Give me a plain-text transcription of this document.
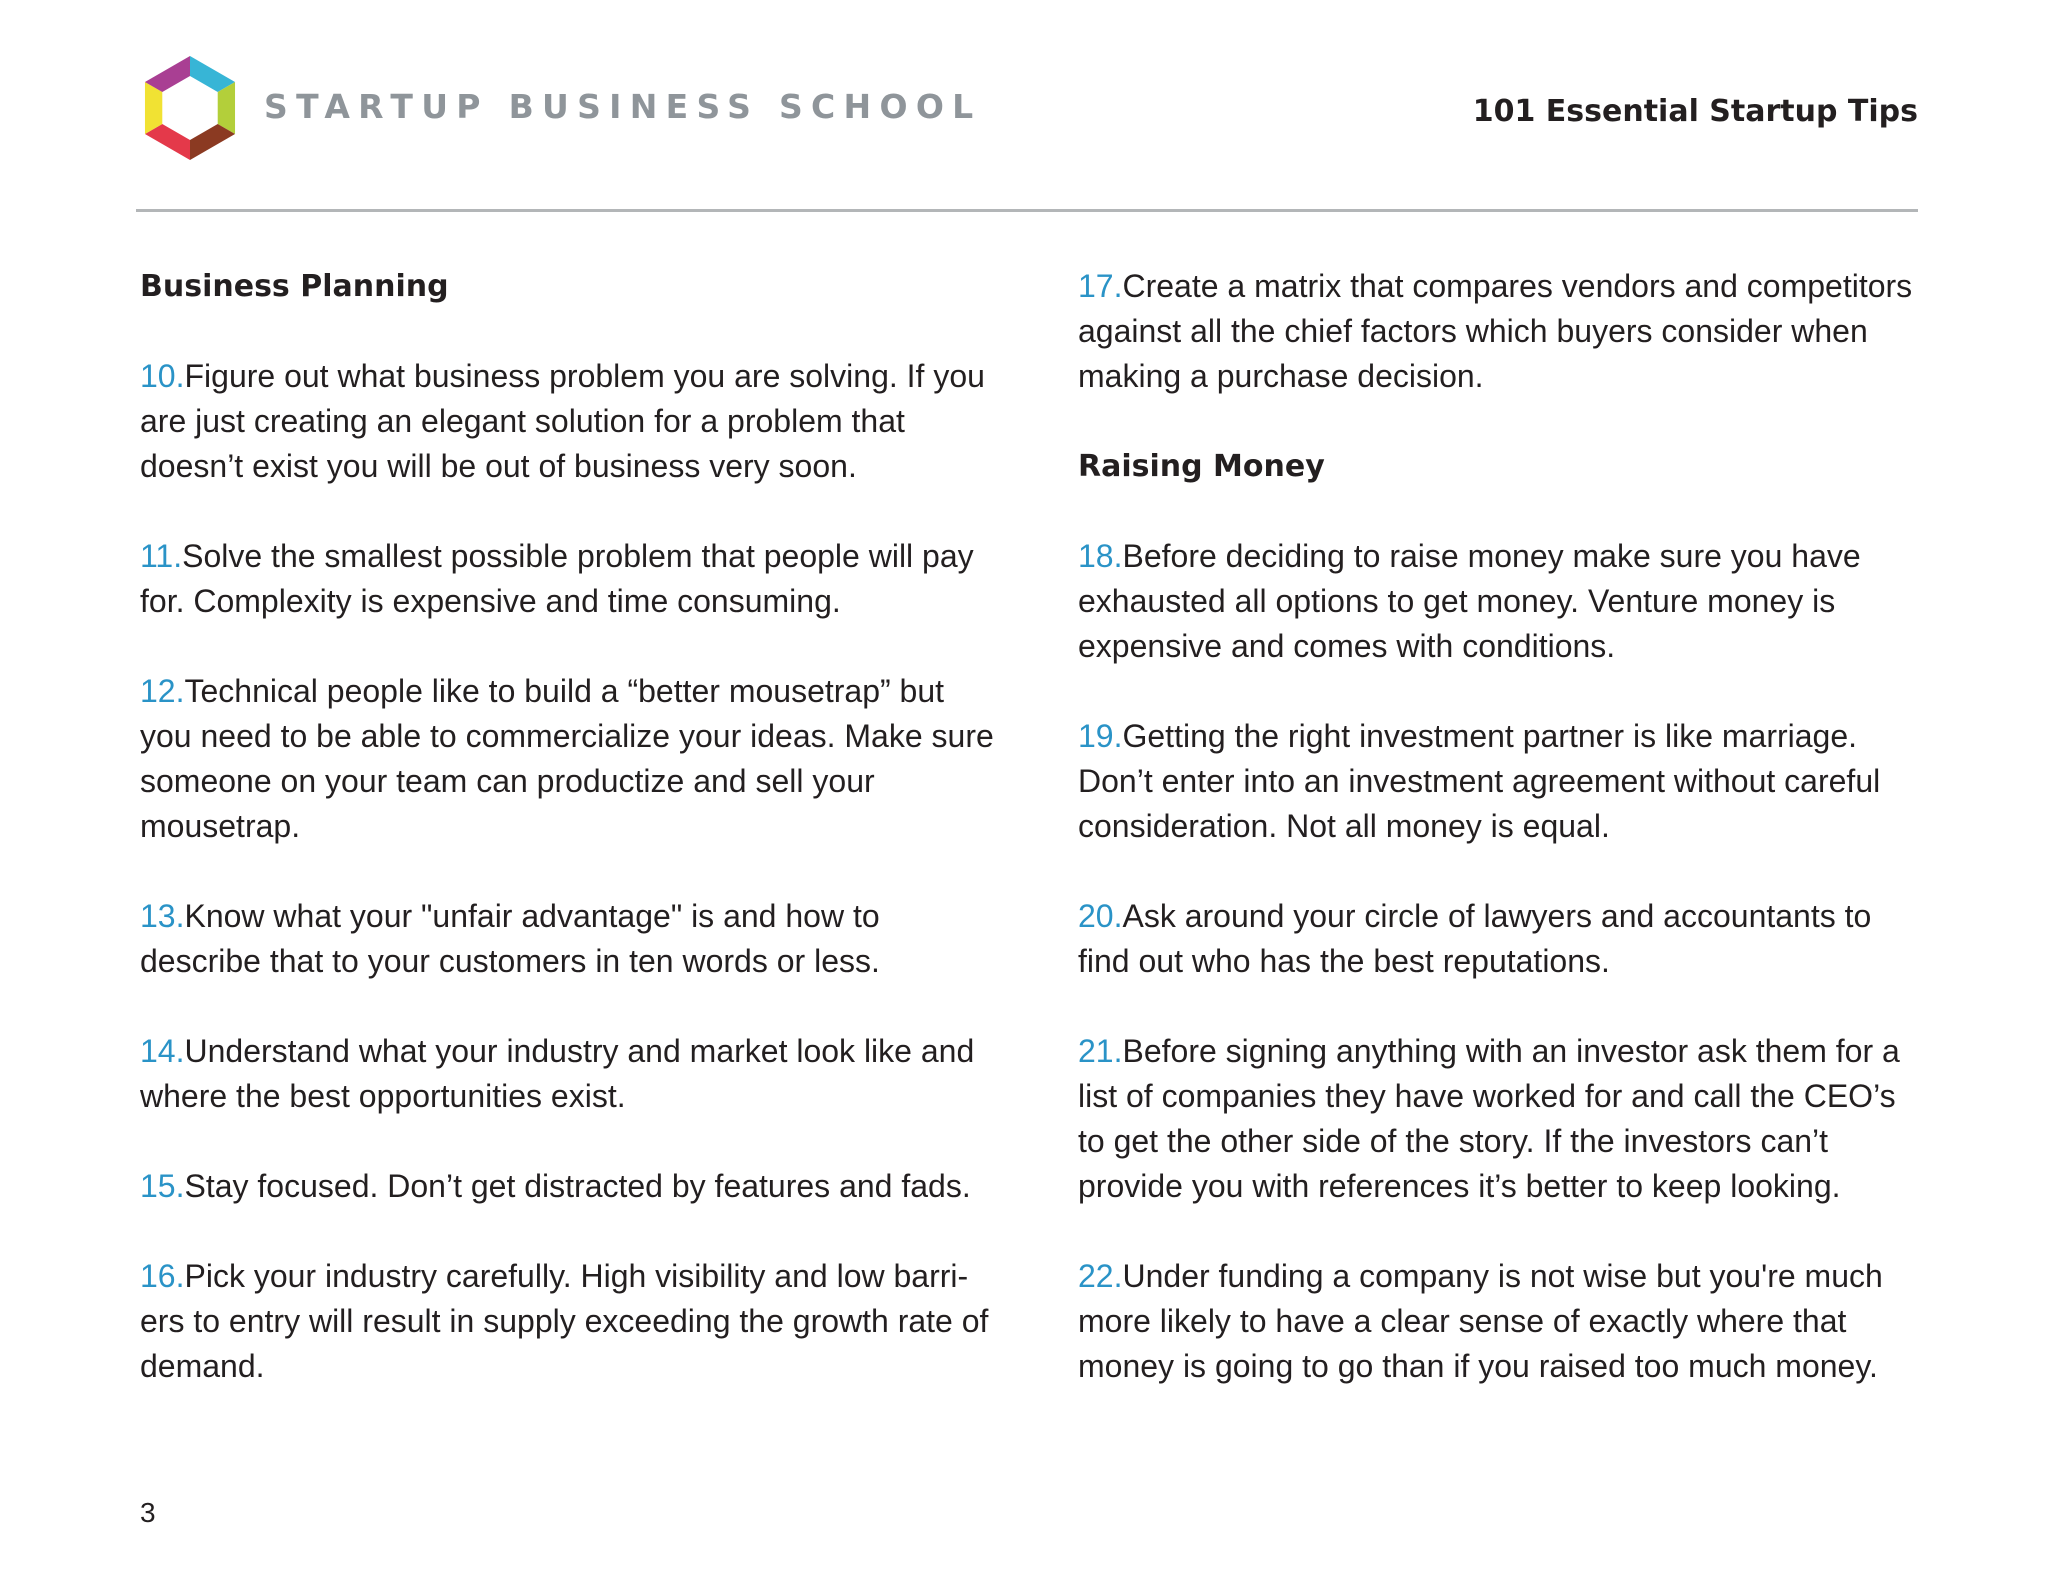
STARTUP BUSINESS SCHOOL	101 Essential Startup Tips
Business Planning

10.Figure out what business problem you are solving. If you are just creating an elegant solution for a problem that doesn’t exist you will be out of business very soon.

11.Solve the smallest possible problem that people will pay for. Complexity is expensive and time consuming.

12.Technical people like to build a “better mousetrap” but you need to be able to commercialize your ideas. Make sure someone on your team can productize and sell your mousetrap.

13.Know what your "unfair advantage" is and how to describe that to your customers in ten words or less.

14.Understand what your industry and market look like and where the best opportunities exist.

15.Stay focused. Don’t get distracted by features and fads.

16.Pick your industry carefully. High visibility and low barri-ers to entry will result in supply exceeding the growth rate of demand.

17.Create a matrix that compares vendors and competitors against all the chief factors which buyers consider when making a purchase decision.

Raising Money

18.Before deciding to raise money make sure you have exhausted all options to get money. Venture money is expensive and comes with conditions.

19.Getting the right investment partner is like marriage. Don’t enter into an investment agreement without careful consideration. Not all money is equal.

20.Ask around your circle of lawyers and accountants to find out who has the best reputations.

21.Before signing anything with an investor ask them for a list of companies they have worked for and call the CEO’s to get the other side of the story. If the investors can’t provide you with references it’s better to keep looking.

22.Under funding a company is not wise but you're much more likely to have a clear sense of exactly where that money is going to go than if you raised too much money.

3
